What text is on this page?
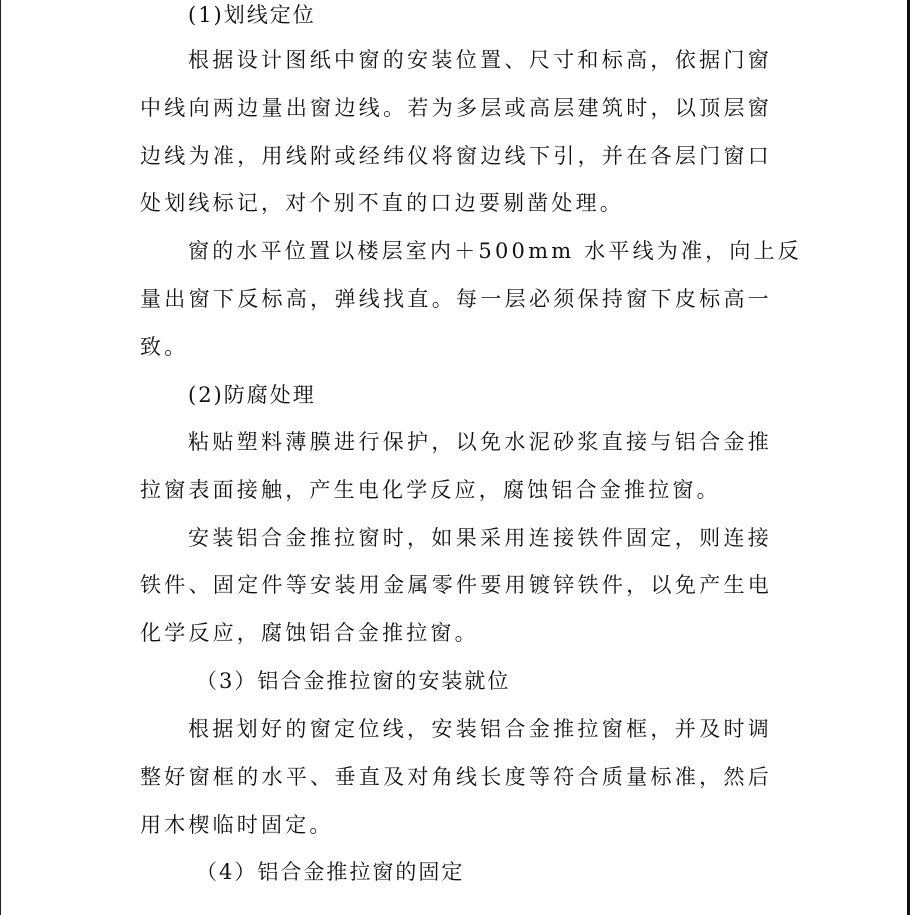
(1)划线定位
根据设计图纸中窗的安装位置、尺寸和标高，依据门窗
中线向两边量出窗边线。若为多层或高层建筑时，以顶层窗
边线为准，用线附或经纬仪将窗边线下引，并在各层门窗口
处划线标记，对个别不直的口边要剔凿处理。
窗的水平位置以楼层室内＋500mm 水平线为准，向上反
量出窗下反标高，弹线找直。每一层必须保持窗下皮标高一
致。
(2)防腐处理
粘贴塑料薄膜进行保护，以免水泥砂浆直接与铝合金推
拉窗表面接触，产生电化学反应，腐蚀铝合金推拉窗。
安装铝合金推拉窗时，如果采用连接铁件固定，则连接
铁件、固定件等安装用金属零件要用镀锌铁件，以免产生电
化学反应，腐蚀铝合金推拉窗。
（3）铝合金推拉窗的安装就位
根据划好的窗定位线，安装铝合金推拉窗框，并及时调
整好窗框的水平、垂直及对角线长度等符合质量标准，然后
用木楔临时固定。
（4）铝合金推拉窗的固定
